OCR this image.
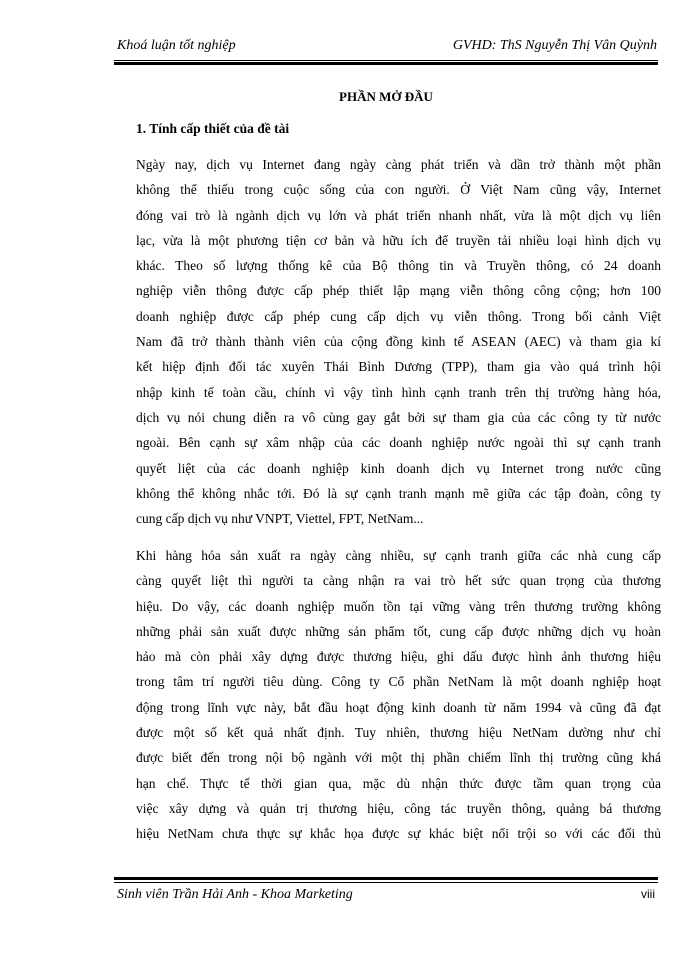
Khoá luận tốt nghiệp	GVHD: ThS Nguyễn Thị Vân Quỳnh
PHẦN MỞ ĐẦU
1. Tính cấp thiết của đề tài
Ngày nay, dịch vụ Internet đang ngày càng phát triển và dần trở thành một phần
không thể thiếu trong cuộc sống của con người. Ở Việt Nam cũng vậy, Internet
đóng vai trò là ngành dịch vụ lớn và phát triển nhanh nhất, vừa là một dịch vụ liên
lạc, vừa là một phương tiện cơ bản và hữu ích để truyền tải nhiều loại hình dịch vụ
khác. Theo số lượng thống kê của Bộ thông tin và Truyền thông, có 24 doanh
nghiệp viễn thông được cấp phép thiết lập mạng viễn thông công cộng; hơn 100
doanh nghiệp được cấp phép cung cấp dịch vụ viễn thông. Trong bối cảnh Việt
Nam đã trở thành thành viên của cộng đồng kinh tế ASEAN (AEC) và tham gia kí
kết hiệp định đối tác xuyên Thái Bình Dương (TPP), tham gia vào quá trình hội
nhập kinh tế toàn cầu, chính vì vậy tình hình cạnh tranh trên thị trường hàng hóa,
dịch vụ nói chung diễn ra vô cùng gay gắt bởi sự tham gia của các công ty từ nước
ngoài. Bên cạnh sự xâm nhập của các doanh nghiệp nước ngoài thì sự cạnh tranh
quyết liệt của các doanh nghiệp kinh doanh dịch vụ Internet trong nước cũng
không thể không nhắc tới. Đó là sự cạnh tranh mạnh mẽ giữa các tập đoàn, công ty
cung cấp dịch vụ như VNPT, Viettel, FPT, NetNam...
Khi hàng hóa sản xuất ra ngày càng nhiều, sự cạnh tranh giữa các nhà cung cấp
càng quyết liệt thì người ta càng nhận ra vai trò hết sức quan trọng của thương
hiệu. Do vậy, các doanh nghiệp muốn tồn tại vững vàng trên thương trường không
những phải sản xuất được những sản phẩm tốt, cung cấp được những dịch vụ hoàn
hảo mà còn phải xây dựng được thương hiệu, ghi dấu được hình ảnh thương hiệu
trong tâm trí người tiêu dùng. Công ty Cổ phần NetNam là một doanh nghiệp hoạt
động trong lĩnh vực này, bắt đầu hoạt động kinh doanh từ năm 1994 và cũng đã đạt
được một số kết quả nhất định. Tuy nhiên, thương hiệu NetNam dường như chỉ
được biết đến trong nội bộ ngành với một thị phần chiếm lĩnh thị trường cũng khá
hạn chế. Thực tế thời gian qua, mặc dù nhận thức được tầm quan trọng của
việc xây dựng và quản trị thương hiệu, công tác truyền thông, quảng bá thương
hiệu NetNam chưa thực sự khắc họa được sự khác biệt nổi trội so với các đối thủ
Sinh viên Trần Hải Anh - Khoa Marketing	viii
